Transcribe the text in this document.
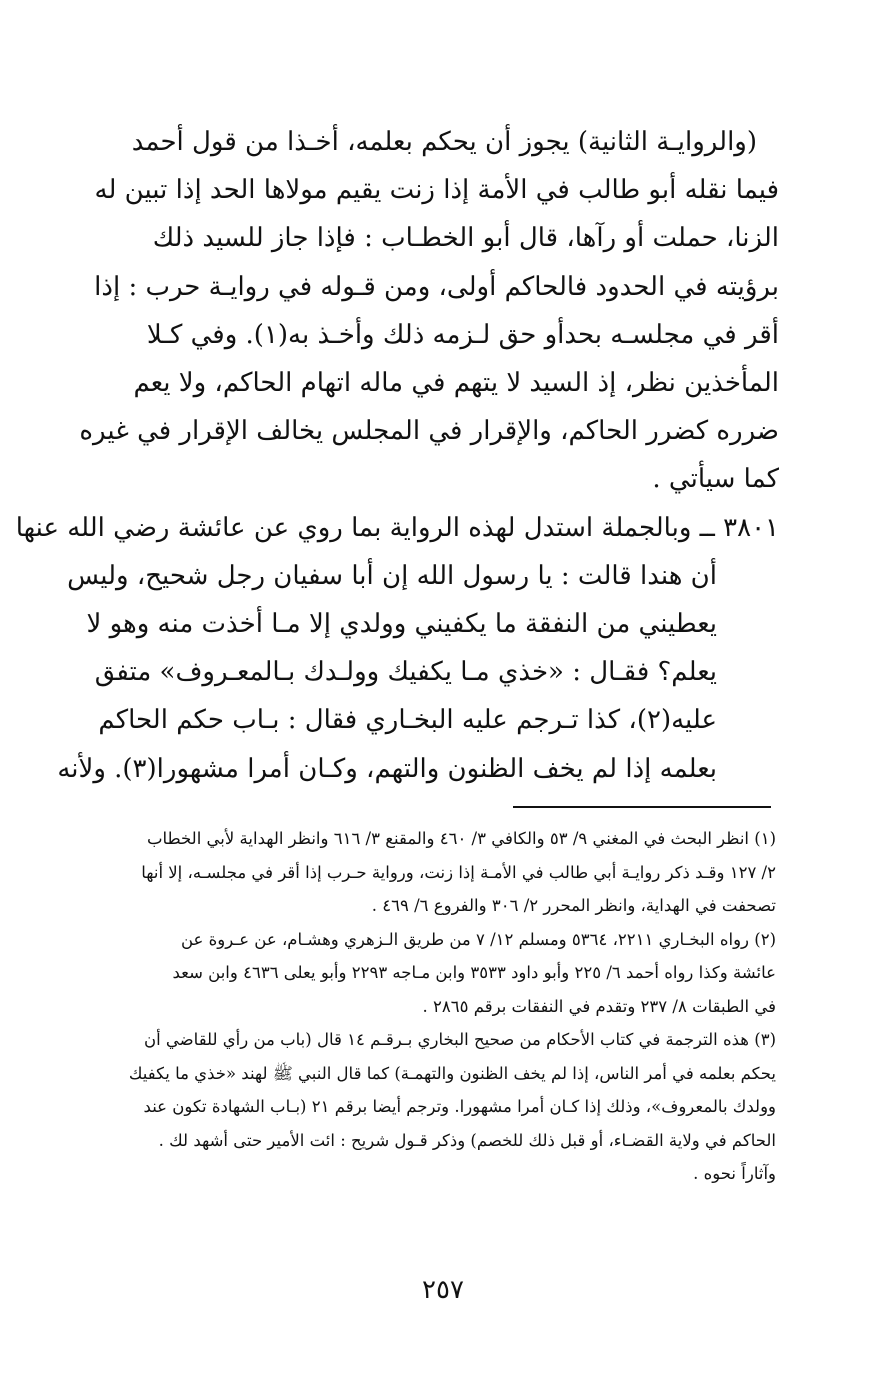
(والروايـة الثانية) يجوز أن يحكم بعلمه، أخـذا من قول أحمد
فيما نقله أبو طالب في الأمة إذا زنت يقيم مولاها الحد إذا تبين له
الزنا، حملت أو رآها، قال أبو الخطـاب : فإذا جاز للسيد ذلك
برؤيته في الحدود فالحاكم أولى، ومن قـوله في روايـة حرب : إذا
أقر في مجلسـه بحدأو حق لـزمه ذلك وأخـذ به(١). وفي كـلا
المأخذين نظر، إذ السيد لا يتهم في ماله اتهام الحاكم، ولا يعم
ضرره كضرر الحاكم، والإقرار في المجلس يخالف الإقرار في غيره
كما سيأتي .
٣٨٠١ ــ وبالجملة استدل لهذه الرواية بما روي عن عائشة رضي الله عنها
أن هندا قالت : يا رسول الله إن أبا سفيان رجل شحيح، وليس
يعطيني من النفقة ما يكفيني وولدي إلا مـا أخذت منه وهو لا
يعلم؟ فقـال : «خذي مـا يكفيك وولـدك بـالمعـروف» متفق
عليه(٢)، كذا تـرجم عليه البخـاري فقال : بـاب حكم الحاكم
بعلمه إذا لم يخف الظنون والتهم، وكـان أمرا مشهورا(٣). ولأنه
(١) انظر البحث في المغني ٩/ ٥٣ والكافي ٣/ ٤٦٠ والمقنع ٣/ ٦١٦ وانظر الهداية لأبي الخطاب
٢/ ١٢٧ وقـد ذكر روايـة أبي طالب في الأمـة إذا زنت، ورواية حـرب إذا أقر في مجلسـه، إلا أنها
تصحفت في الهداية، وانظر المحرر ٢/ ٣٠٦ والفروع ٦/ ٤٦٩ .
(٢) رواه البخـاري ٢٢١١، ٥٣٦٤ ومسلم ١٢/ ٧ من طريق الـزهري وهشـام، عن عـروة عن
عائشة وكذا رواه أحمد ٦/ ٢٢٥ وأبو داود ٣٥٣٣ وابن مـاجه ٢٢٩٣ وأبو يعلى ٤٦٣٦ وابن سعد
في الطبقات ٨/ ٢٣٧ وتقدم في النفقات برقم ٢٨٦٥ .
(٣) هذه الترجمة في كتاب الأحكام من صحيح البخاري بـرقـم ١٤ قال (باب من رأي للقاضي أن
يحكم بعلمه في أمر الناس، إذا لم يخف الظنون والتهمـة) كما قال النبي ﷺ لهند «خذي ما يكفيك
وولدك بالمعروف»، وذلك إذا كـان أمرا مشهورا. وترجم أيضا برقم ٢١ (بـاب الشهادة تكون عند
الحاكم في ولاية القضـاء، أو قبل ذلك للخصم) وذكر قـول شريح : ائت الأمير حتى أشهد لك .
وآثاراً نحوه .
٢٥٧
